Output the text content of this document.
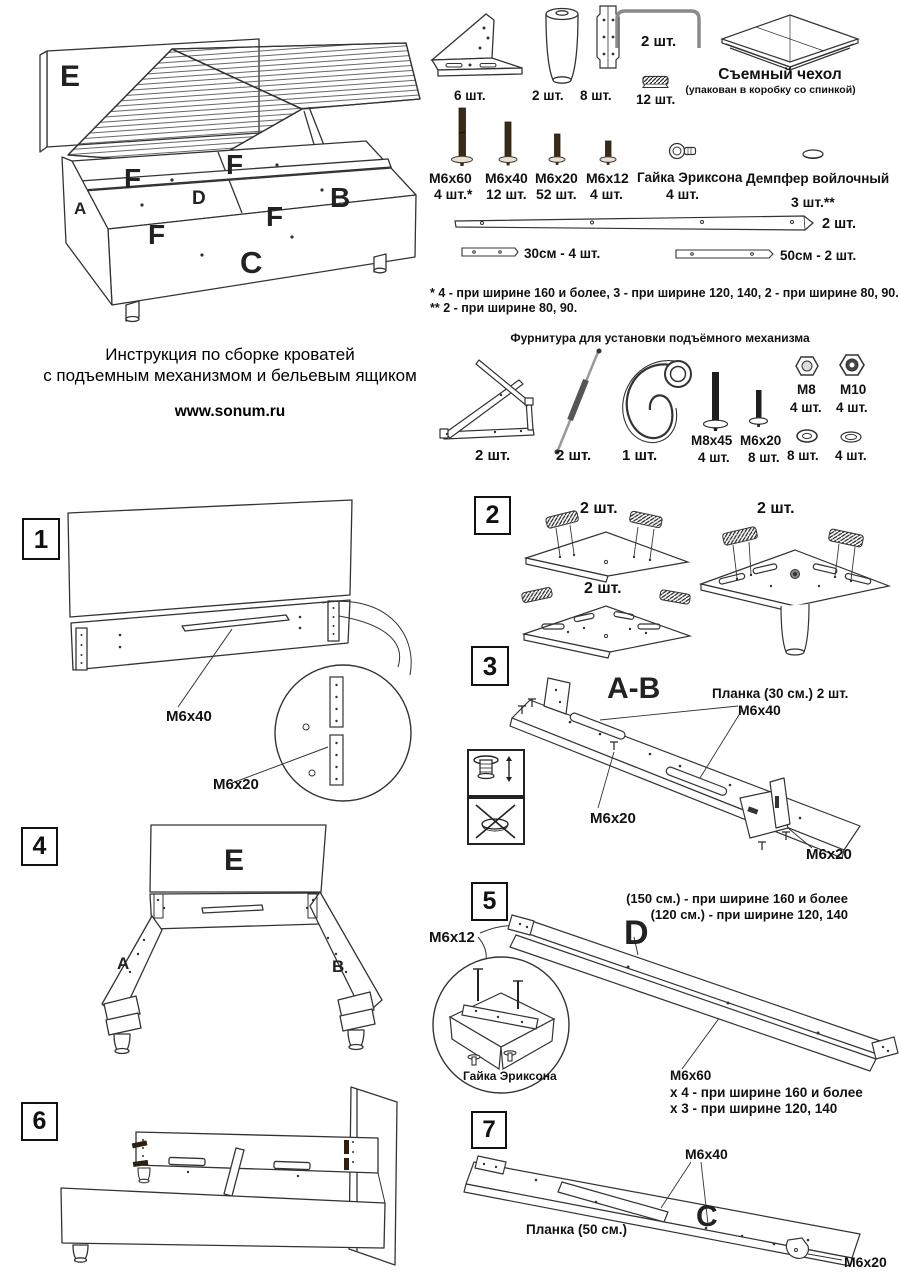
E
F	F
F
F
D
A	B
C
6 шт.	2 шт. 8 шт.
2 шт.
12 шт.
Съемный чехол
(упакован в коробку со спинкой)
M6x60
4 шт.*
M6x40
12 шт.
M6x20
52 шт.
M6x12
4 шт.
Гайка Эриксона
4 шт.
Демпфер войлочный
3 шт.**
2 шт.
30см - 4 шт.	50см - 2 шт.
* 4 - при ширине 160 и более, 3 - при ширине 120, 140, 2 - при ширине 80, 90.
** 2 - при ширине 80, 90.
Инструкция по сборке кроватей
с подъемным механизмом и бельевым ящиком
www.sonum.ru
Фурнитура для установки подъёмного механизма
2 шт.	2 шт. 1 шт.
M8x45
4 шт.
M6x20
8 шт.
M8
4 шт.
M10
4 шт.
8 шт. 4 шт.
1
M6x40
M6x20
2	2 шт.	2 шт.
2 шт.
3
A-B	Планка (30 см.) 2 шт.
M6x40
M6x20
M6x20
4	E
A	B
5	(150 см.) - при ширине 160 и более
(120 см.) - при ширине 120, 140
D
M6x12
Гайка Эриксона	M6x60
х 4 - при ширине 160 и более
х 3 - при ширине 120, 140
6	7
M6x40
Планка (50 см.) C
M6x20
